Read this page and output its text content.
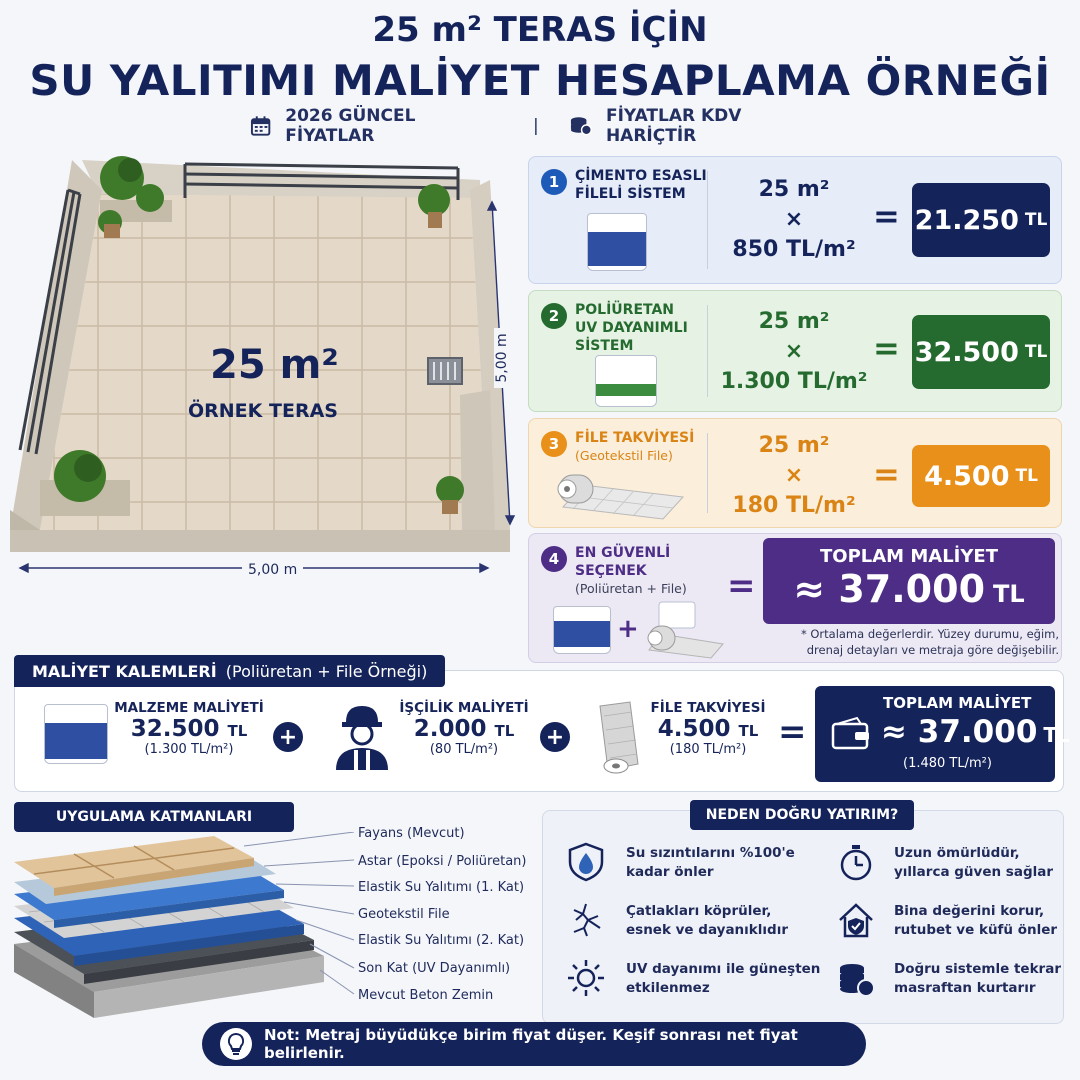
25 m² TERAS İÇİN
SU YALITIMI MALİYET HESAPLAMA ÖRNEĞİ
2026 GÜNCEL FİYATLAR	|	FİYATLAR KDV HARİÇTİR
25 m²
ÖRNEK TERAS
5,00 m
5,00 m
1	ÇİMENTO ESASLI
FİLELİ SİSTEM	25 m²
×
850 TL/m²
= 21.250 TL
2	POLİÜRETAN
UV DAYANIMLI
SİSTEM
25 m²
×
1.300 TL/m²
= 32.500 TL
3	FİLE TAKVİYESİ
(Geotekstil File)	25 m²
×
180 TL/m²
= 4.500 TL
4	EN GÜVENLİ
SEÇENEK
(Poliüretan + File)
+
=
TOPLAM MALİYET
≈ 37.000 TL
* Ortalama değerlerdir. Yüzey durumu, eğim,
drenaj detayları ve metraja göre değişebilir.
MALİYET KALEMLERİ
(Poliüretan + File Örneği)
MALZEME MALİYETİ
32.500 TL
(1.300 TL/m²)	+
İŞÇİLİK MALİYETİ
2.000 TL
(80 TL/m²)	+
FİLE TAKVİYESİ
4.500 TL
(180 TL/m²) =
TOPLAM MALİYET
≈ 37.000 TL
(1.480 TL/m²)
UYGULAMA KATMANLARI
Fayans (Mevcut)
Astar (Epoksi / Poliüretan)
Elastik Su Yalıtımı (1. Kat)
Geotekstil File
Elastik Su Yalıtımı (2. Kat)
Son Kat (UV Dayanımlı)
Mevcut Beton Zemin
NEDEN DOĞRU YATIRIM?
Su sızıntılarını %100'e
kadar önler
Uzun ömürlüdür,
yıllarca güven sağlar
Çatlakları köprüler,
esnek ve dayanıklıdır
Bina değerini korur,
rutubet ve küfü önler
UV dayanımı ile güneşten
etkilenmez
Doğru sistemle tekrar
masraftan kurtarır
Not: Metraj büyüdükçe birim fiyat düşer. Keşif sonrası net fiyat belirlenir.
